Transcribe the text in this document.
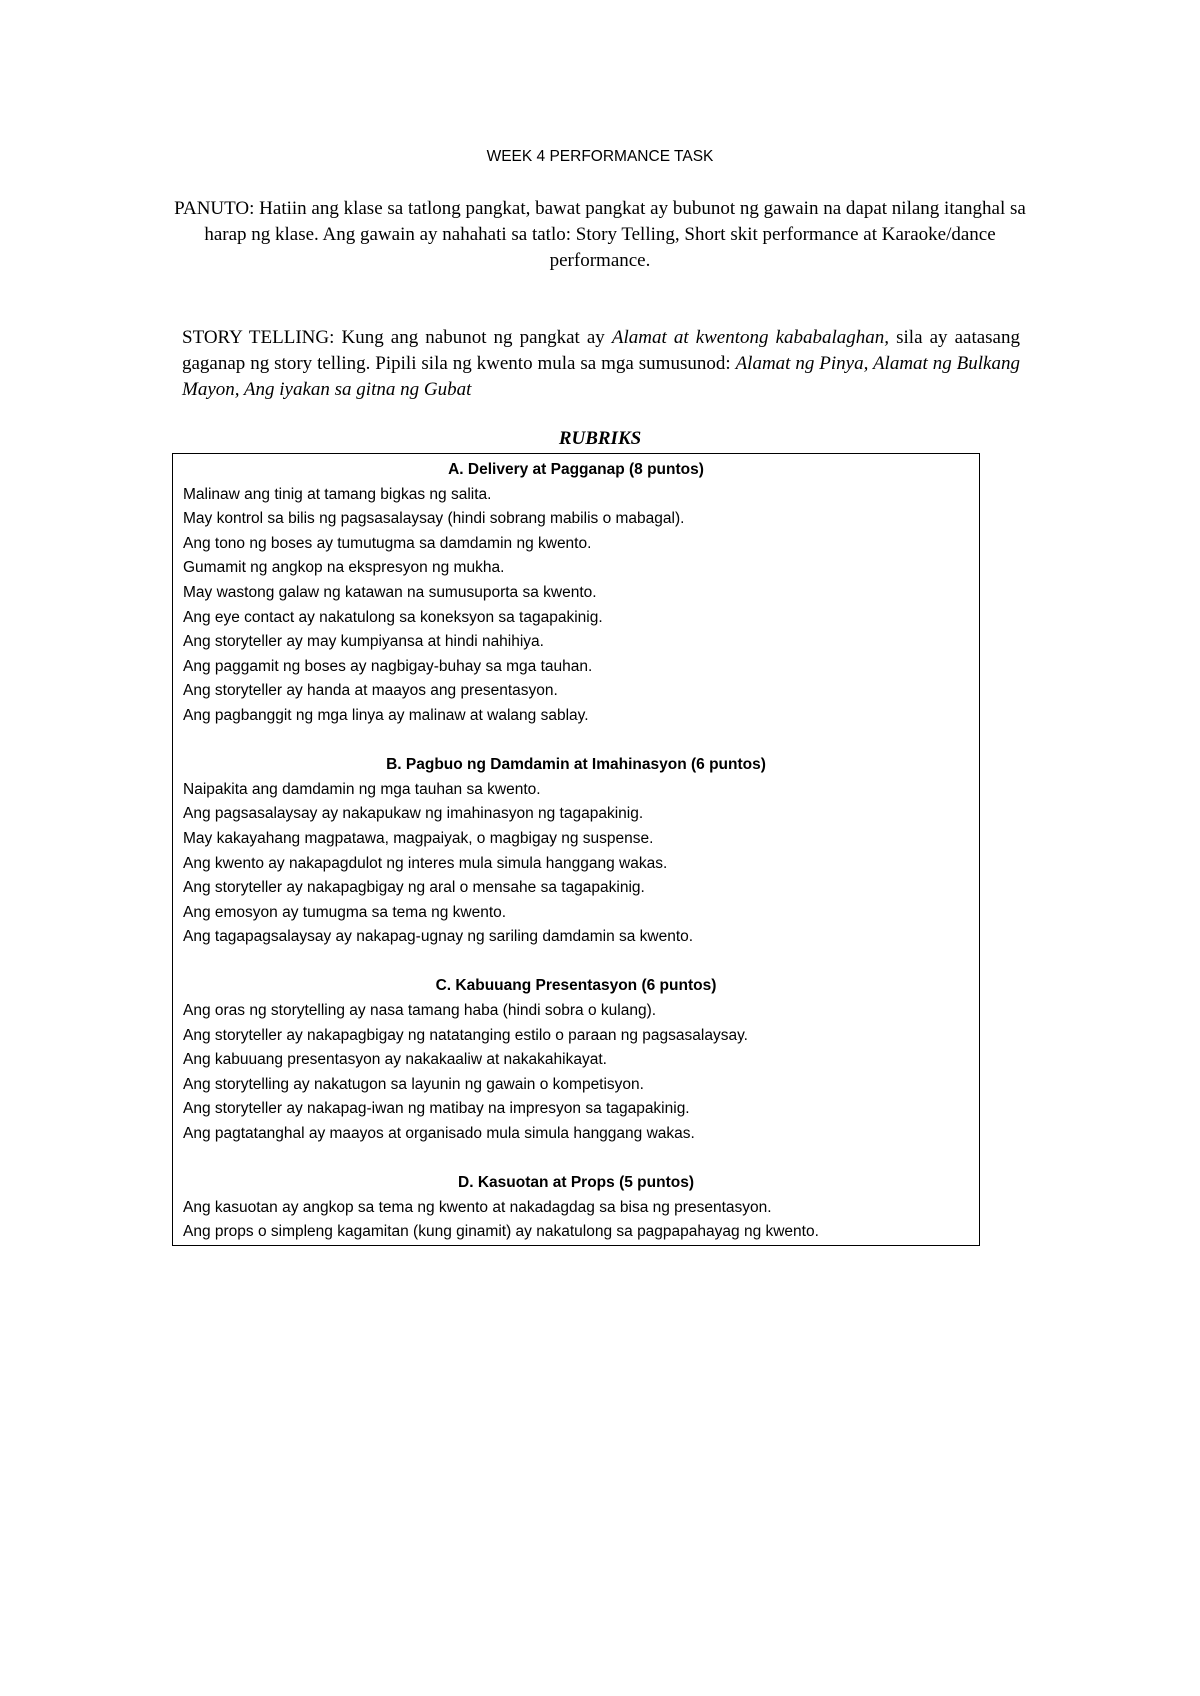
WEEK 4 PERFORMANCE TASK

PANUTO: Hatiin ang klase sa tatlong pangkat, bawat pangkat ay bubunot ng gawain na dapat nilang itanghal sa harap ng klase. Ang gawain ay nahahati sa tatlo: Story Telling, Short skit performance at Karaoke/dance performance.

STORY TELLING: Kung ang nabunot ng pangkat ay Alamat at kwentong kababalaghan, sila ay aatasang gaganap ng story telling. Pipili sila ng kwento mula sa mga sumusunod: Alamat ng Pinya, Alamat ng Bulkang Mayon, Ang iyakan sa gitna ng Gubat

RUBRIKS

A. Delivery at Pagganap (8 puntos)

Malinaw ang tinig at tamang bigkas ng salita.

May kontrol sa bilis ng pagsasalaysay (hindi sobrang mabilis o mabagal).

Ang tono ng boses ay tumutugma sa damdamin ng kwento.

Gumamit ng angkop na ekspresyon ng mukha.

May wastong galaw ng katawan na sumusuporta sa kwento.

Ang eye contact ay nakatulong sa koneksyon sa tagapakinig.

Ang storyteller ay may kumpiyansa at hindi nahihiya.

Ang paggamit ng boses ay nagbigay-buhay sa mga tauhan.

Ang storyteller ay handa at maayos ang presentasyon.

Ang pagbanggit ng mga linya ay malinaw at walang sablay.

B. Pagbuo ng Damdamin at Imahinasyon (6 puntos)

Naipakita ang damdamin ng mga tauhan sa kwento.

Ang pagsasalaysay ay nakapukaw ng imahinasyon ng tagapakinig.

May kakayahang magpatawa, magpaiyak, o magbigay ng suspense.

Ang kwento ay nakapagdulot ng interes mula simula hanggang wakas.

Ang storyteller ay nakapagbigay ng aral o mensahe sa tagapakinig.

Ang emosyon ay tumugma sa tema ng kwento.

Ang tagapagsalaysay ay nakapag-ugnay ng sariling damdamin sa kwento.

C. Kabuuang Presentasyon (6 puntos)

Ang oras ng storytelling ay nasa tamang haba (hindi sobra o kulang).

Ang storyteller ay nakapagbigay ng natatanging estilo o paraan ng pagsasalaysay.

Ang kabuuang presentasyon ay nakakaaliw at nakakahikayat.

Ang storytelling ay nakatugon sa layunin ng gawain o kompetisyon.

Ang storyteller ay nakapag-iwan ng matibay na impresyon sa tagapakinig.

Ang pagtatanghal ay maayos at organisado mula simula hanggang wakas.

D. Kasuotan at Props (5 puntos)

Ang kasuotan ay angkop sa tema ng kwento at nakadagdag sa bisa ng presentasyon.

Ang props o simpleng kagamitan (kung ginamit) ay nakatulong sa pagpapahayag ng kwento.
